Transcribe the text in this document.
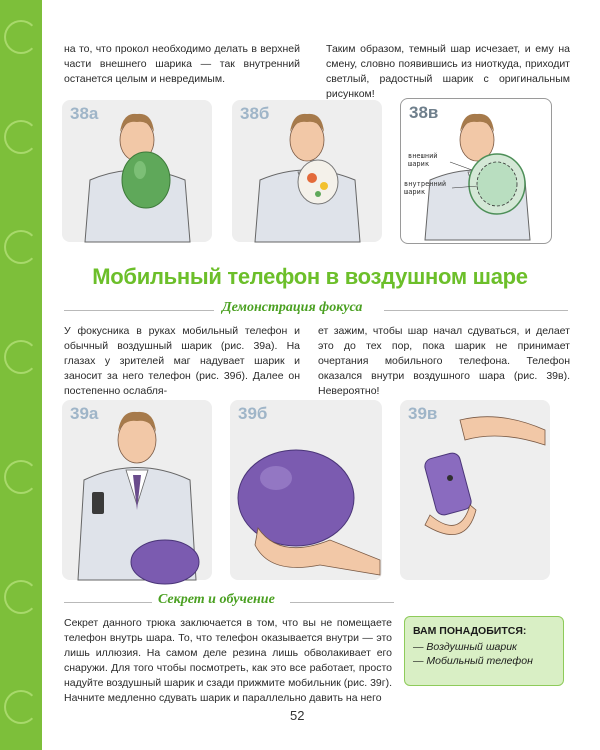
на то, что прокол необходимо делать в верхней части внешнего шарика — так внутренний останется целым и невредимым.

Таким образом, темный шар исчезает, и ему на смену, словно появившись из ниоткуда, приходит светлый, радостный шарик с оригинальным рисунком!

38а	38б	38в
Мобильный телефон в воздушном шаре
Демонстрация фокуса

У фокусника в руках мобильный телефон и обычный воздушный шарик (рис. 39а). На глазах у зрителей маг надувает шарик и заносит за него телефон (рис. 39б). Далее он постепенно ослабля-

ет зажим, чтобы шар начал сдуваться, и делает это до тех пор, пока шарик не принимает очертания мобильного телефона. Телефон оказался внутри воздушного шара (рис. 39в). Невероятно!

39а	39б	39в
внешний
шарик
внутренний
шарик
Секрет и обучение

Секрет данного трюка заключается в том, что вы не помещаете телефон внутрь шара. То, что телефон оказывается внутри — это лишь иллюзия. На самом деле резина лишь обволакивает его снаружи. Для того чтобы посмотреть, как это все работает, просто надуйте воздушный шарик и сзади прижмите мобильник (рис. 39г). Начните медленно сдувать шарик и параллельно давить на него

ВАМ ПОНАДОБИТСЯ:
— Воздушный шарик
— Мобильный телефон
52
